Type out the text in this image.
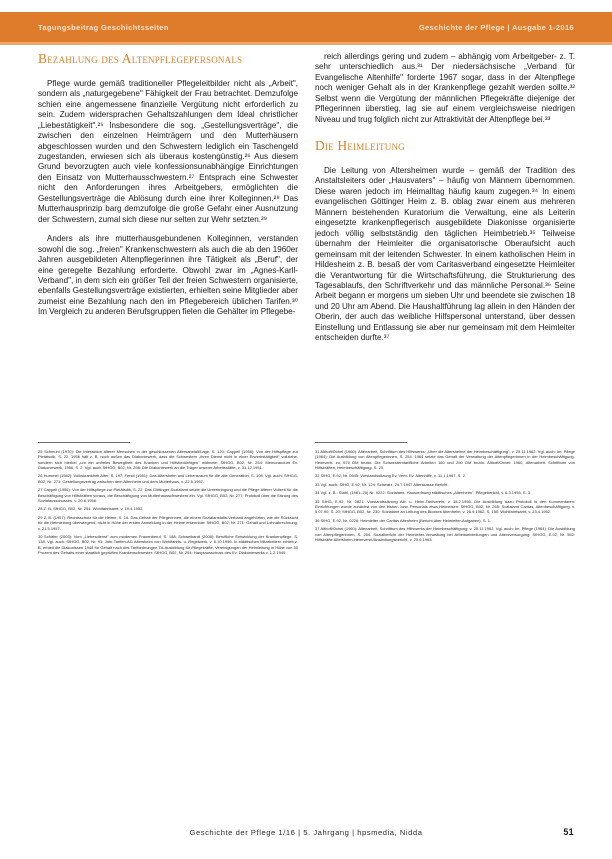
Tagungsbeitrag Geschichtsseiten	Geschichte der Pflege | Ausgabe 1-2016
Bezahlung des Altenpflegepersonals

Pflege wurde gemäß traditioneller Pflegeleitbilder nicht als „Arbeit", sondern als „naturgegebene" Fähigkeit der Frau betrachtet. Demzufolge schien eine angemessene finanzielle Vergütung nicht erforderlich zu sein. Zudem widersprachen Gehaltszahlungen dem Ideal christlicher „Liebestätigkeit".²⁵ Insbesondere die sog. „Gestellungsverträge", die zwischen den einzelnen Heimträgern und den Mutterhäusern abgeschlossen wurden und den Schwestern lediglich ein Taschengeld zugestanden, erwiesen sich als überaus kostengünstig.²⁶ Aus diesem Grund bevorzugten auch viele konfessionsunabhängige Einrichtungen den Einsatz von Mutterhausschwestern.²⁷ Entsprach eine Schwester nicht den Anforderungen ihres Arbeitgebers, ermöglichten die Gestellungsverträge die Ablösung durch eine ihrer Kolleginnen.²⁸ Das Mutterhausprinzip barg demzufolge die große Gefahr einer Ausnutzung der Schwestern, zumal sich diese nur selten zur Wehr setzten.²⁹

Anders als ihre mutterhausgebundenen Kolleginnen, verstanden sowohl die sog. „freien" Krankenschwestern als auch die ab den 1960er Jahren ausgebildeten Altenpflegerinnen ihre Tätigkeit als „Beruf", der eine geregelte Bezahlung erforderte. Obwohl zwar im „Agnes-Karll-Verband", in dem sich ein größer Teil der freien Schwestern organisierte, ebenfalls Gestellungsverträge existierten, erhielten seine Mitglieder aber zumeist eine Bezahlung nach den im Pflegebereich üblichen Tarifen.³⁰ Im Vergleich zu anderen Berufsgruppen fielen die Gehälter im Pflegebe-

reich allerdings gering und zudem – abhängig vom Arbeitgeber- z. T. sehr unterschiedlich aus.³¹ Der niedersächsische „Verband für Evangelische Altenhilfe" forderte 1967 sogar, dass in der Altenpflege noch weniger Gehalt als in der Krankenpflege gezahlt werden sollte.³² Selbst wenn die Vergütung der männlichen Pflegekräfte diejenige der Pflegerinnen überstieg, lag sie auf einem vergleichsweise niedrigen Niveau und trug folglich nicht zur Attraktivität der Altenpflege bei.³³

Die Heimleitung

Die Leitung von Altersheimen wurde – gemäß der Tradition des Anstaltsleiters oder „Hausvaters" – häufig von Männern übernommen. Diese waren jedoch im Heimalltag häufig kaum zugegen.³⁴ In einem evangelischen Göttinger Heim z. B. oblag zwar einem aus mehreren Männern bestehenden Kuratorium die Verwaltung, eine als Leiterin eingesetzte krankenpflegerisch ausgebildete Diakonisse organisierte jedoch völlig selbstständig den täglichen Heimbetrieb.³⁵ Teilweise übernahm der Heimleiter die organisatorische Oberaufsicht auch gemeinsam mit der leitenden Schwester. In einem katholischen Heim in Hildesheim z. B. besaß der vom Caritasverband eingesetzte Heimleiter die Verantwortung für die Wirtschaftsführung, die Strukturierung des Tagesablaufs, den Schriftverkehr und das männliche Personal.³⁶ Seine Arbeit begann er morgens um sieben Uhr und beendete sie zwischen 18 und 20 Uhr am Abend. Die Haushaltführung lag allein in den Händen der Oberin, der auch das weibliche Hilfspersonal unterstand, über dessen Einstellung und Entlassung sie aber nur gemeinsam mit dem Heimleiter entscheiden durfte.³⁷

25 Schmuhl (1970): Die Interaktion älterer Menschen in der geschlossenen Altersanstalt/Lage, S. 120; Cappell (1956): Von der Hilfspflege zur Pietätsdik, S. 22. 1956 hält z. B. noch außen das Diakoniewerk, dass die Schwestern „ihren Dienst nicht in einer Erwerbstätigkeit" vollziehe, sondern sich hierbei „um ein unfreies Bewegtheit des Kranken und Hilfsbedürftigen" widmete: SfHGG, B02, Nr. 254: Memorandum Ev. Diakoniewerk, 1956, S. 2. Vgl. auch SfHGG, B02, Nr. 258: Die Diakoniewerk an die Träger unserer Arbeitsstätte, v. 31.12.1951.

26 Hummel (1982): Volkskrankheit Alter, S. 197; Ferstl (1981): Das Altersheim und Lebensraum für die alte Generation, S. 108. Vgl. auch: SfHGG, B02, Nr. 271: Gestellungsvertrag zwischen dem Altenheim und dem Mutterhaus, v. 22.5.1957.

27 Cappell (1956): Von der Hilfspflege zur Pietätsdik, S. 22. Das Göttinger Sozialamt setzte die Unterbringung und die Pflege älterer Vollzeit für die Beschäftigung von Hilfskräften voraus, die Beschäftigung von Mutterhausschwestern ein. Vgl. SfHGG, B02, Nr. 277: Protokoll über die Sitzung des Sozialausschusses, v. 20.6.1956.

28 Z. B. SfHGG, B02, Nr. 254: Wohlfahrtsamt, v. 19.4.1952.

29 Z. B. (1957): Rechtsschutz für die Heime, S. 16. Das Gehalt der Pflegerinnen, die einem Sozialanstalts-Verband angehörten, wie die Rücksicht für die Heimleitung überwiegend, nicht in Höhe der ersten Anmeldung in der Heime erkennbar: SfHGG, B02, Nr. 271: Gehalt und Lohnabrechnung, v. 21.5.1957.

30 Schäfer (2003): Vom „Liebesdienst" zum modernen Frauenberuf, S. 188; Schweikardt (2008): Berufliche Entwicklung der Krankenpflege, S. 138. Vgl. auch: SfHGG, B02, Nr. 91: Jahr-Tarifen-AG Altersheim von Wohlfahrts- u. Regelwerk, v. 6.10.1956. In städtischen Mitarbeitern erhielt z. B. erhielt die Diakonissen 1948 für Gehalt nach des Tarifordnungen TA-Ausbildung für Pflegekräfte, Vereinigungen der Heimleitung in Höhe von 30 Prozent des Gehalts einer staatlich geprüften Krankenschwester: SfHGG, B02, Nr. 254: Hauptausschuss des Ev. Diakoniewerks v. 1.2.1949.

31 Althoff/Ochel (1960): Altenarbeit, Schrifttum des Hilfswerks; „Über die Altersheime der Heimbeschäftigung", v. 25.11.1962. Vgl. auch: Im: Pflege (1964): Die Ausbildung von Altenpflegerinnen, S. 254. 1964 setzte das Gehalt der Verwaltung der Altenpflegerinnen in der Heimbeschäftigung-Heimverb. zu, 670 DM brutto. Die Schwesterntarifliche Arbeiten 160 und 250 DM brutto: Althoff/Ochel: 1960, Altenarbeit. Schrifttum von Hilfskräften, Heimbeschäftigung, S. 23.

32 SfHG, E.92, Nr. 0945: Vorstandssitzung Ev. Verb. Ev. Altenhilfe, v. 11.1.1967, S. 2.

33 Vgl. auch: SfHG, E.92, Nr. 124: Schwarz, 24.7.1947 Alterskasse Bericht.

34 Vgl. z. B.: Stahl, (1961–70) Nr. 0222: Sozialamt, Hausordnung städtisches „Altenheim", Pflegebericht, v. 6.3.1955, S. 3.

35 SfHG, E.92, Nr. 0821: Vorstandssitzung Altr. u. Heim-Tarifverein, v. 18.2.1956. Die Ausbildung dazu Protokoll in den Kommentaren: Einrichtungen wurde zunächst von den bisher- bzw. Personals etwa Heimeisen: SfHGG, B02, Nr. 265: Sozialamt Caritas, Altenbeschäftigung, v. 5.07.90, S. 20; SfHGG, B02, Nr. 230: Sozialamt an Leitung des Blockes Altenheim, v. 26.9.1962, S. 150: Wohlfahrtsamt, v. 23.4.1952.

36 SfHG, E.92, Nr. 0226: Heimleiter der Caritas Altenheim (Bericht über Heimleiter-Aufgaben), S. 1.

37 Althoff/Ochel (1960): Altenarbeit, Schrifttum des Hilfswerks der Heimbeschäftigung; v. 25.11.1962. Vgl. auch: Im: Pflege (1964): Die Ausbildung von Altenpflegerinnen, S. 254. Sozialbericht der Heimleiter-Verwaltung bei Arbeitseinteilungen und Altersversorgung: SfHGG, E.92, Nr. 552: Hilfskräfte Altersheim-Heimverw./Ansiedlungsbericht, v. 20.6.1963.

Geschichte der Pflege 1/16 | 5. Jahrgang | hpsmedia, Nidda	51
